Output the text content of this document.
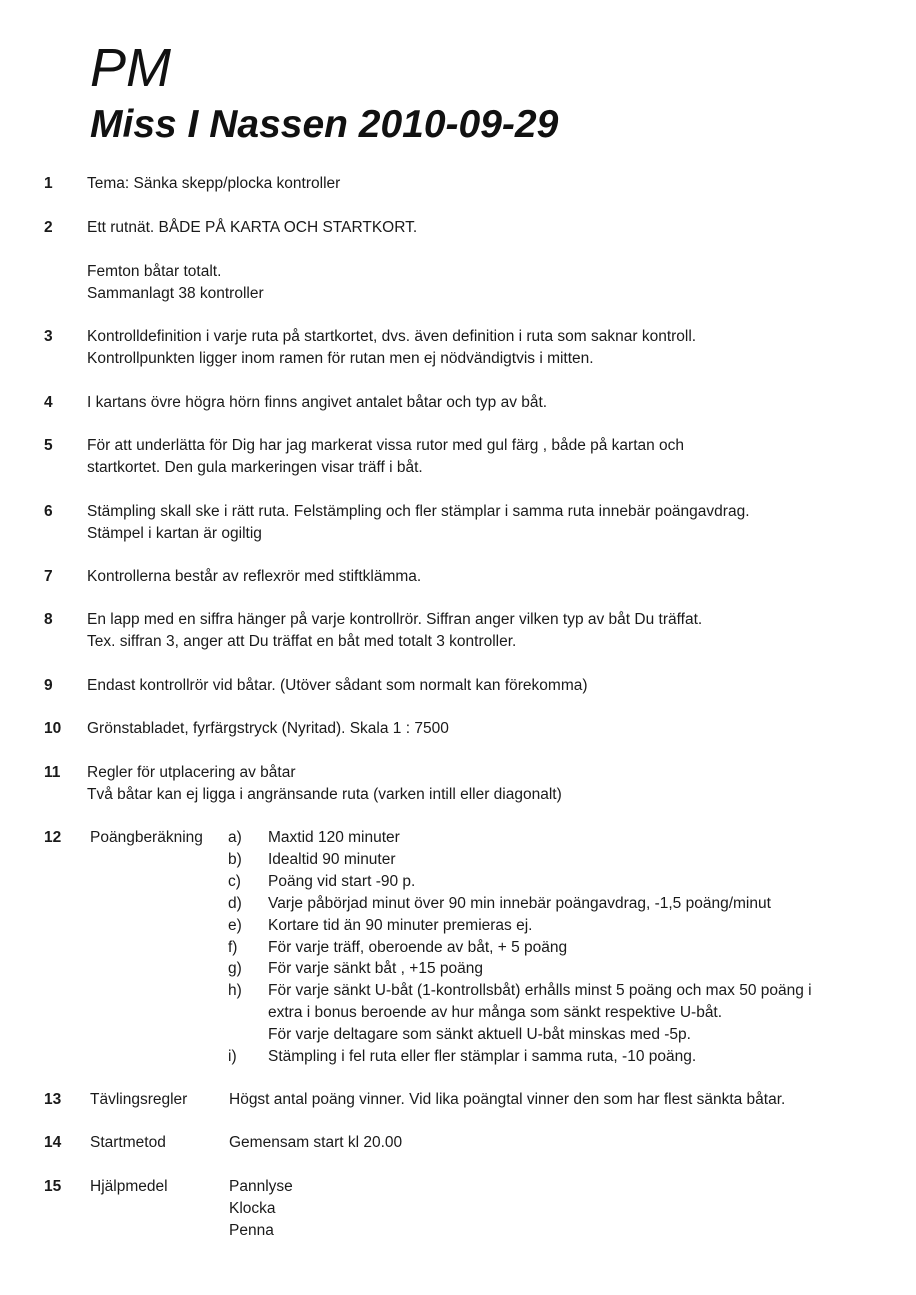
PM
Miss I Nassen 2010-09-29
1 Tema: Sänka skepp/plocka kontroller
2 Ett rutnät. BÅDE PÅ KARTA OCH STARTKORT.
Femton båtar totalt.
Sammanlagt 38 kontroller
3 Kontrolldefinition i varje ruta på startkortet, dvs. även definition i ruta som saknar kontroll.
Kontrollpunkten ligger inom ramen för rutan men ej nödvändigtvis i mitten.
4 I kartans övre högra hörn finns angivet antalet båtar och typ av båt.
5 För att underlätta för Dig har jag markerat vissa rutor med gul färg , både på kartan och
startkortet. Den gula markeringen visar träff i båt.
6 Stämpling skall ske i rätt ruta. Felstämpling och fler stämplar i samma ruta innebär poängavdrag.
Stämpel i kartan är ogiltig
7 Kontrollerna består av reflexrör med stiftklämma.
8 En lapp med en siffra hänger på varje kontrollrör. Siffran anger vilken typ av båt Du träffat.
Tex. siffran 3, anger att Du träffat en båt med totalt 3 kontroller.
9 Endast kontrollrör vid båtar. (Utöver sådant som normalt kan förekomma)
10 Grönstabladet, fyrfärgstryck (Nyritad). Skala 1 : 7500
11 Regler för utplacering av båtar
Två båtar kan ej ligga i angränsande ruta (varken intill eller diagonalt)
12 Poängberäkning a) Maxtid 120 minuter
b) Idealtid 90 minuter
c) Poäng vid start -90 p.
d) Varje påbörjad minut över 90 min innebär poängavdrag, -1,5 poäng/minut
e) Kortare tid än 90 minuter premieras ej.
f) För varje träff, oberoende av båt, + 5 poäng
g) För varje sänkt båt , +15 poäng
h) För varje sänkt U-båt (1-kontrollsbåt) erhålls minst 5 poäng och max 50 poäng i
extra i bonus beroende av hur många som sänkt respektive U-båt.
För varje deltagare som sänkt aktuell U-båt minskas med -5p.
i) Stämpling i fel ruta eller fler stämplar i samma ruta, -10 poäng.
13 Tävlingsregler	Högst antal poäng vinner. Vid lika poängtal vinner den som har flest sänkta båtar.
14 Startmetod	Gemensam start kl 20.00
15 Hjälpmedel	Pannlyse
Klocka
Penna
